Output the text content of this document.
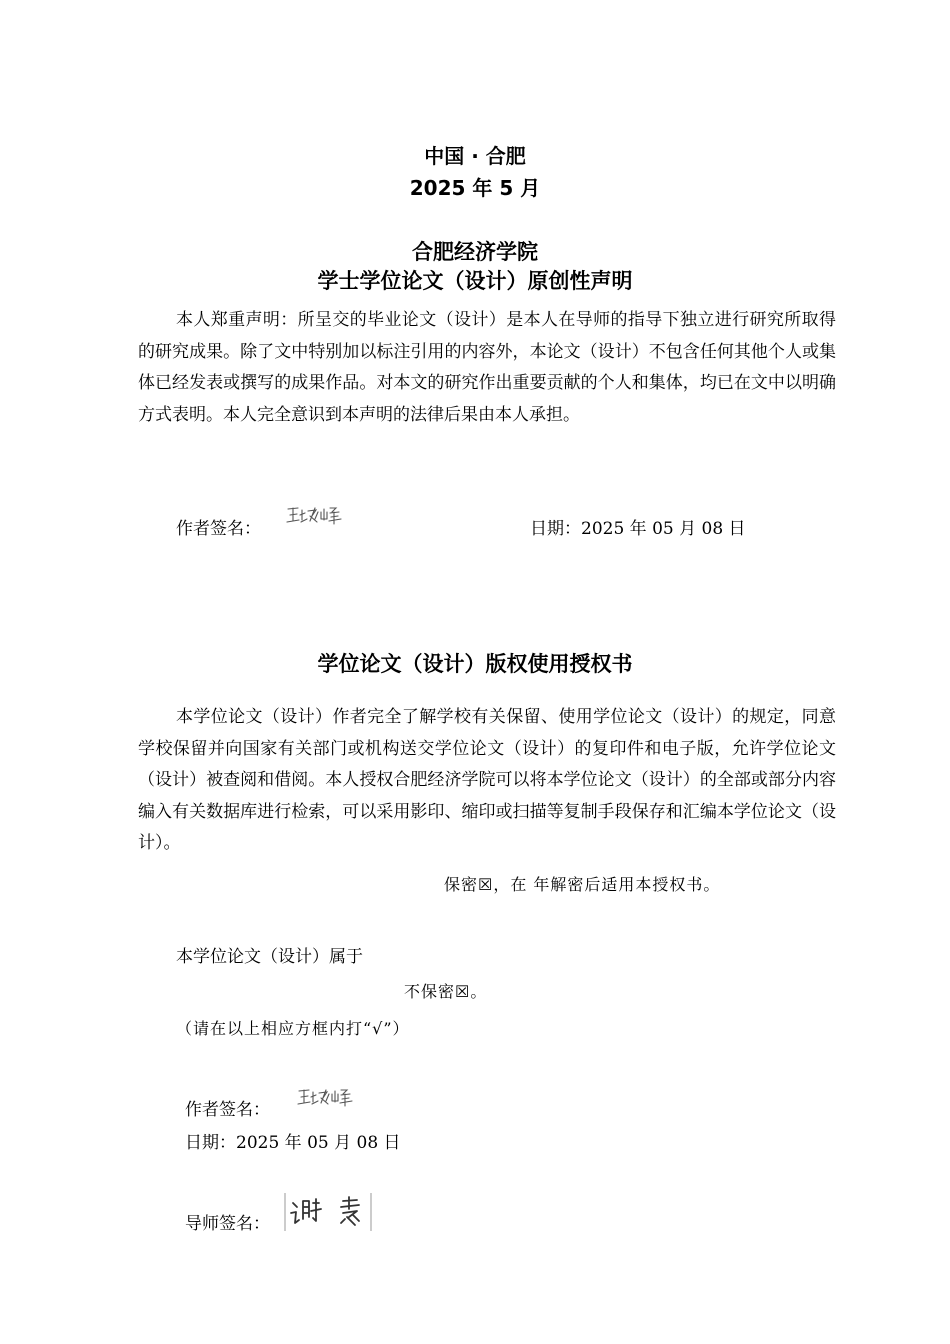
中国 · 合肥
2025 年 5 月
合肥经济学院
学士学位论文（设计）原创性声明
本人郑重声明：所呈交的毕业论文（设计）是本人在导师的指导下独立进行研究所取得的研究成果。除了文中特别加以标注引用的内容外，本论文（设计）不包含任何其他个人或集体已经发表或撰写的成果作品。对本文的研究作出重要贡献的个人和集体，均已在文中以明确方式表明。本人完全意识到本声明的法律后果由本人承担。
作者签名：	日期：2025 年 05 月 08 日
学位论文（设计）版权使用授权书
本学位论文（设计）作者完全了解学校有关保留、使用学位论文（设计）的规定，同意学校保留并向国家有关部门或机构送交学位论文（设计）的复印件和电子版，允许学位论文（设计）被查阅和借阅。本人授权合肥经济学院可以将本学位论文（设计）的全部或部分内容编入有关数据库进行检索，可以采用影印、缩印或扫描等复制手段保存和汇编本学位论文（设计）。
保密☒，在 年解密后适用本授权书。
本学位论文（设计）属于
不保密☒。
（请在以上相应方框内打“√”）
作者签名：
日期：2025 年 05 月 08 日
导师签名：
